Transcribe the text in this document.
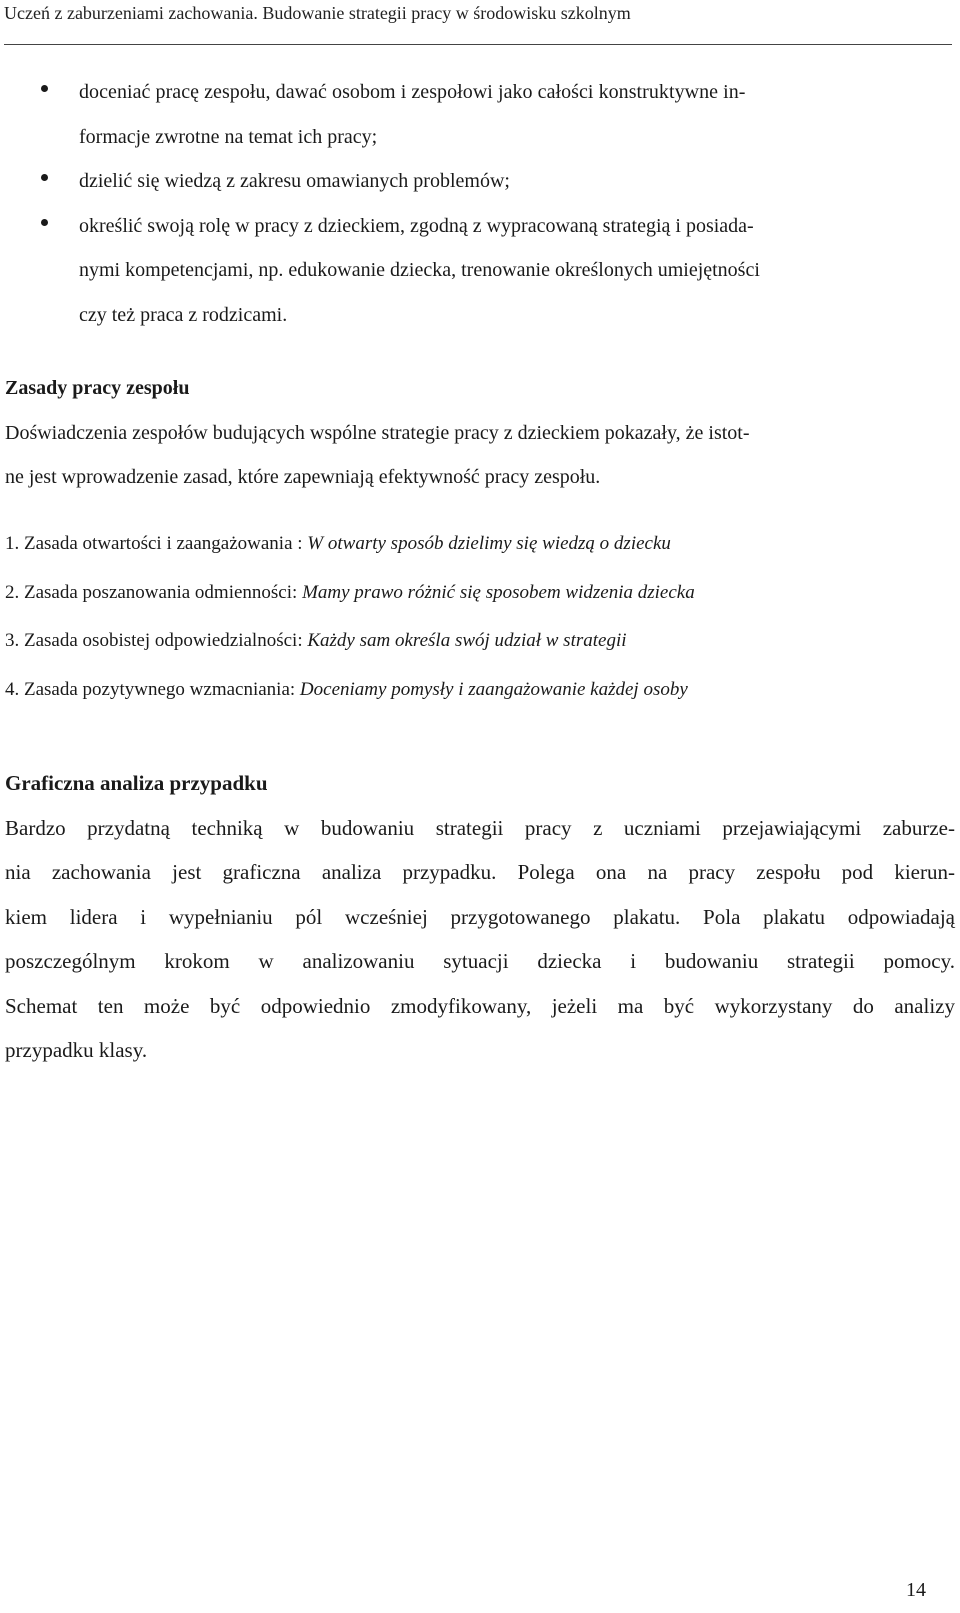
Uczeń z zaburzeniami zachowania. Budowanie strategii pracy w środowisku szkolnym
doceniać pracę zespołu, dawać osobom i zespołowi jako całości konstruktywne in-
formacje zwrotne na temat ich pracy;
dzielić się wiedzą z zakresu omawianych problemów;
określić swoją rolę w pracy z dzieckiem, zgodną z wypracowaną strategią i posiada-
nymi kompetencjami, np. edukowanie dziecka, trenowanie określonych umiejętności
czy też praca z rodzicami.
Zasady pracy zespołu
Doświadczenia zespołów budujących wspólne strategie pracy z dzieckiem pokazały, że istot-
ne jest wprowadzenie zasad, które zapewniają efektywność pracy zespołu.
1. Zasada otwartości i zaangażowania : W otwarty sposób dzielimy się wiedzą o dziecku
2. Zasada poszanowania odmienności: Mamy prawo różnić się sposobem widzenia dziecka
3. Zasada osobistej odpowiedzialności: Każdy sam określa swój udział w strategii
4. Zasada pozytywnego wzmacniania: Doceniamy pomysły i zaangażowanie każdej osoby
Graficzna analiza przypadku
Bardzo przydatną techniką w budowaniu strategii pracy z uczniami przejawiającymi zaburze-
nia zachowania jest graficzna analiza przypadku. Polega ona na pracy zespołu pod kierun-
kiem lidera i wypełnianiu pól wcześniej przygotowanego plakatu. Pola plakatu odpowiadają
poszczególnym krokom w analizowaniu sytuacji dziecka i budowaniu strategii pomocy.
Schemat ten może być odpowiednio zmodyfikowany, jeżeli ma być wykorzystany do analizy
przypadku klasy.
14
